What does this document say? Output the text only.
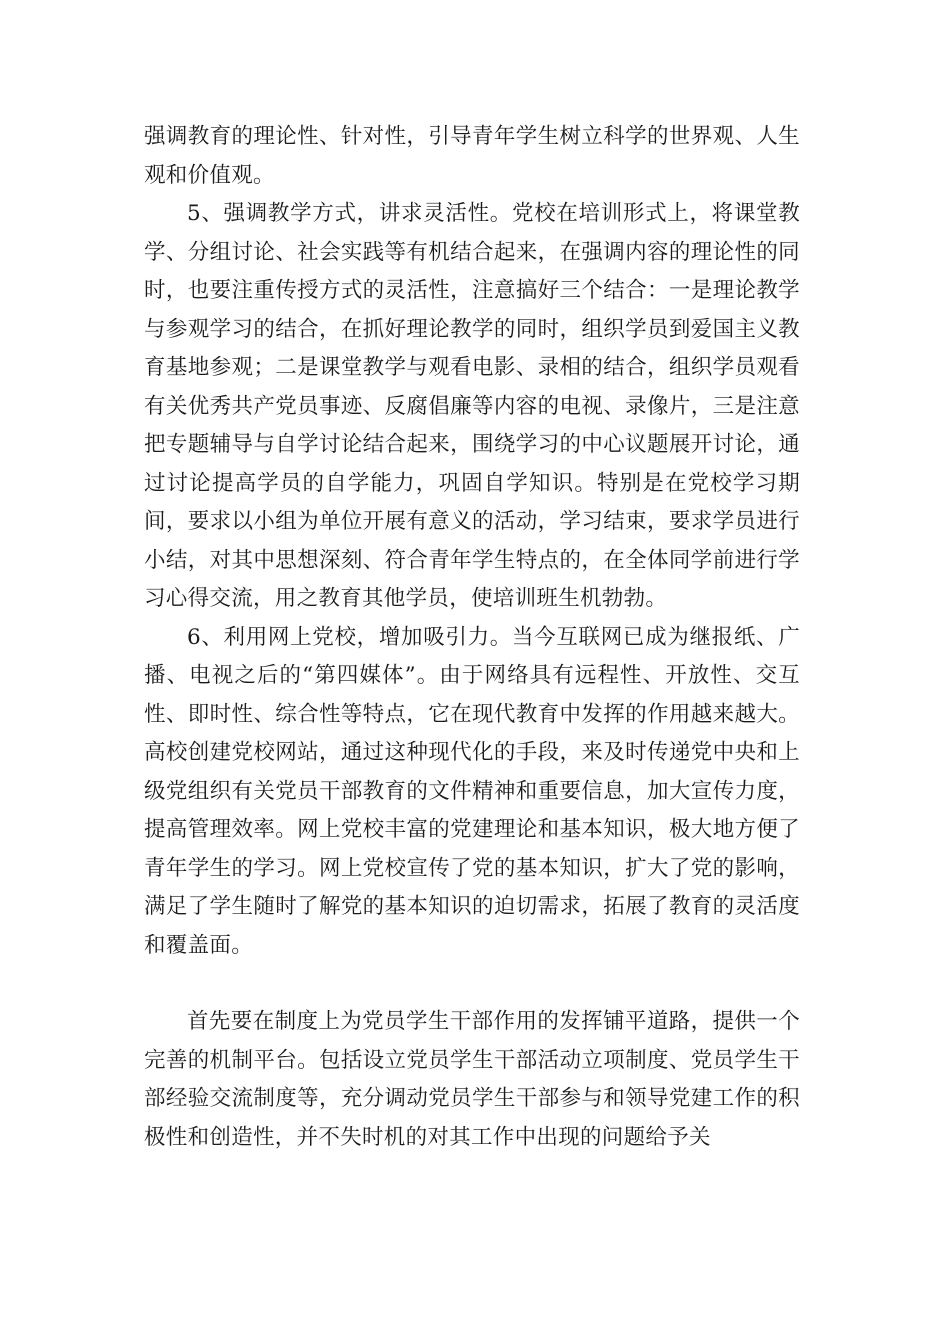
强调教育的理论性、针对性，引导青年学生树立科学的世界观、人生观和价值观。

5、强调教学方式，讲求灵活性。党校在培训形式上，将课堂教学、分组讨论、社会实践等有机结合起来，在强调内容的理论性的同时，也要注重传授方式的灵活性，注意搞好三个结合：一是理论教学与参观学习的结合，在抓好理论教学的同时，组织学员到爱国主义教育基地参观；二是课堂教学与观看电影、录相的结合，组织学员观看有关优秀共产党员事迹、反腐倡廉等内容的电视、录像片，三是注意把专题辅导与自学讨论结合起来，围绕学习的中心议题展开讨论，通过讨论提高学员的自学能力，巩固自学知识。特别是在党校学习期间，要求以小组为单位开展有意义的活动，学习结束，要求学员进行小结，对其中思想深刻、符合青年学生特点的，在全体同学前进行学习心得交流，用之教育其他学员，使培训班生机勃勃。

6、利用网上党校，增加吸引力。当今互联网已成为继报纸、广播、电视之后的“第四媒体”。由于网络具有远程性、开放性、交互性、即时性、综合性等特点，它在现代教育中发挥的作用越来越大。高校创建党校网站，通过这种现代化的手段，来及时传递党中央和上级党组织有关党员干部教育的文件精神和重要信息，加大宣传力度，提高管理效率。网上党校丰富的党建理论和基本知识，极大地方便了青年学生的学习。网上党校宣传了党的基本知识，扩大了党的影响，满足了学生随时了解党的基本知识的迫切需求，拓展了教育的灵活度和覆盖面。

首先要在制度上为党员学生干部作用的发挥铺平道路，提供一个完善的机制平台。包括设立党员学生干部活动立项制度、党员学生干部经验交流制度等，充分调动党员学生干部参与和领导党建工作的积极性和创造性，并不失时机的对其工作中出现的问题给予关
